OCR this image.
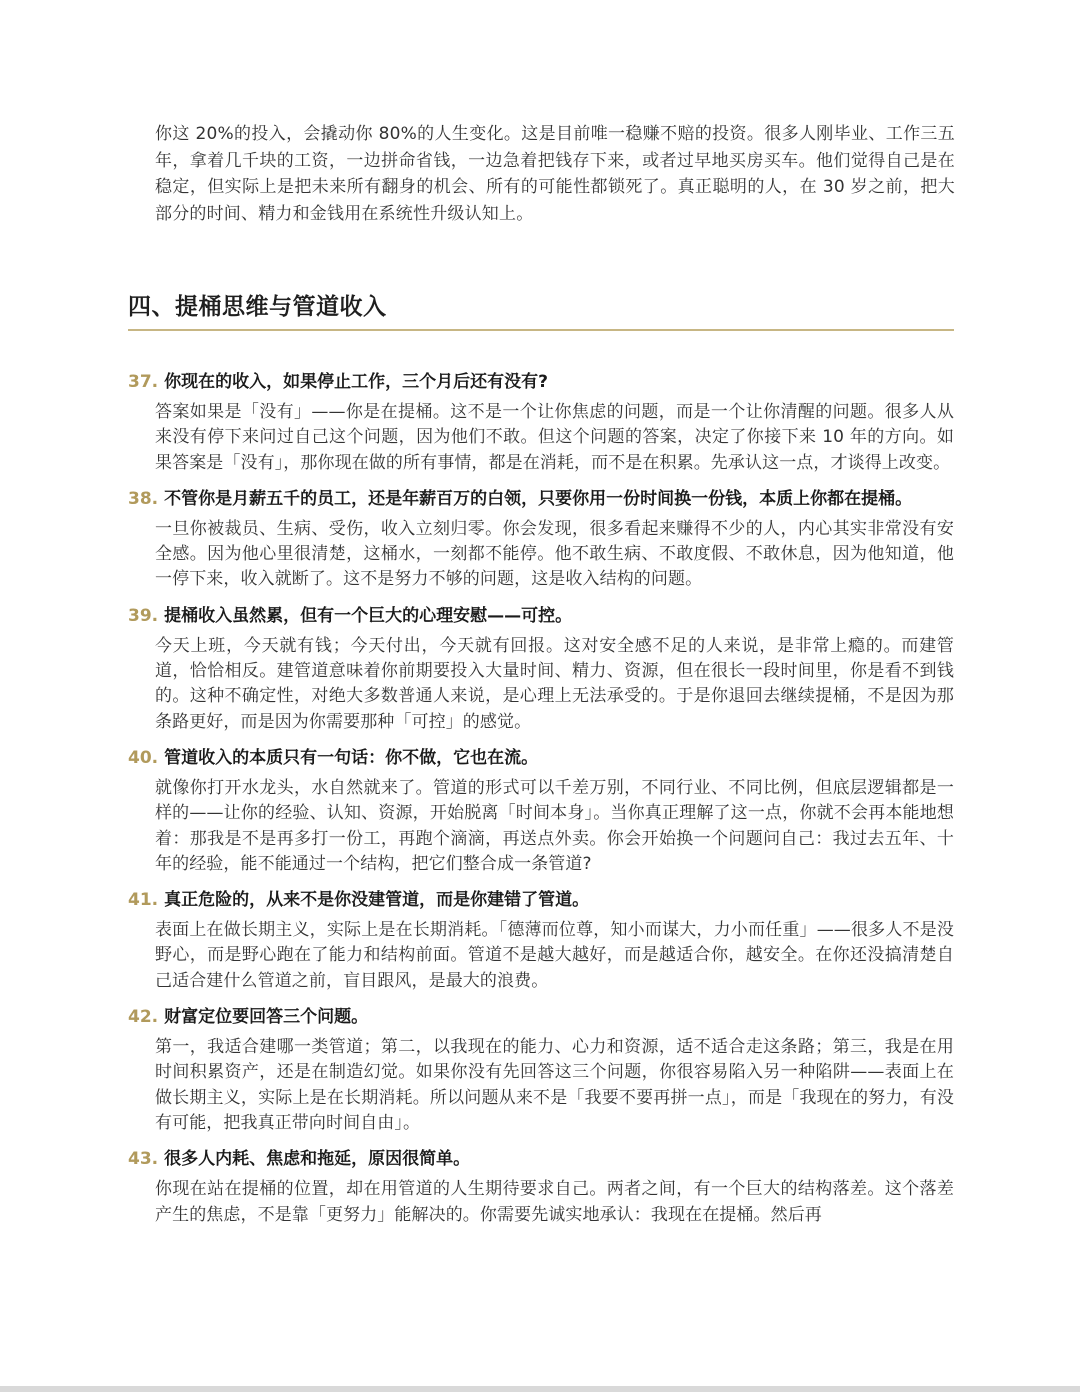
你这 20%的投入，会撬动你 80%的人生变化。这是目前唯一稳赚不赔的投资。很多人刚毕业、工作三五年，拿着几千块的工资，一边拼命省钱，一边急着把钱存下来，或者过早地买房买车。他们觉得自己是在稳定，但实际上是把未来所有翻身的机会、所有的可能性都锁死了。真正聪明的人，在 30 岁之前，把大部分的时间、精力和金钱用在系统性升级认知上。

四、提桶思维与管道收入
37. 你现在的收入，如果停止工作，三个月后还有没有?

答案如果是「没有」——你是在提桶。这不是一个让你焦虑的问题，而是一个让你清醒的问题。很多人从来没有停下来问过自己这个问题，因为他们不敢。但这个问题的答案，决定了你接下来 10 年的方向。如果答案是「没有」，那你现在做的所有事情，都是在消耗，而不是在积累。先承认这一点，才谈得上改变。

38. 不管你是月薪五千的员工，还是年薪百万的白领，只要你用一份时间换一份钱，本质上你都在提桶。

一旦你被裁员、生病、受伤，收入立刻归零。你会发现，很多看起来赚得不少的人，内心其实非常没有安全感。因为他心里很清楚，这桶水，一刻都不能停。他不敢生病、不敢度假、不敢休息，因为他知道，他一停下来，收入就断了。这不是努力不够的问题，这是收入结构的问题。

39. 提桶收入虽然累，但有一个巨大的心理安慰——可控。

今天上班，今天就有钱；今天付出，今天就有回报。这对安全感不足的人来说，是非常上瘾的。而建管道，恰恰相反。建管道意味着你前期要投入大量时间、精力、资源，但在很长一段时间里，你是看不到钱的。这种不确定性，对绝大多数普通人来说，是心理上无法承受的。于是你退回去继续提桶，不是因为那条路更好，而是因为你需要那种「可控」的感觉。

40. 管道收入的本质只有一句话：你不做，它也在流。

就像你打开水龙头，水自然就来了。管道的形式可以千差万别，不同行业、不同比例，但底层逻辑都是一样的——让你的经验、认知、资源，开始脱离「时间本身」。当你真正理解了这一点，你就不会再本能地想着：那我是不是再多打一份工，再跑个滴滴，再送点外卖。你会开始换一个问题问自己：我过去五年、十年的经验，能不能通过一个结构，把它们整合成一条管道?

41. 真正危险的，从来不是你没建管道，而是你建错了管道。

表面上在做长期主义，实际上是在长期消耗。「德薄而位尊，知小而谋大，力小而任重」——很多人不是没野心，而是野心跑在了能力和结构前面。管道不是越大越好，而是越适合你，越安全。在你还没搞清楚自己适合建什么管道之前，盲目跟风，是最大的浪费。

42. 财富定位要回答三个问题。

第一，我适合建哪一类管道；第二，以我现在的能力、心力和资源，适不适合走这条路；第三，我是在用时间积累资产，还是在制造幻觉。如果你没有先回答这三个问题，你很容易陷入另一种陷阱——表面上在做长期主义，实际上是在长期消耗。所以问题从来不是「我要不要再拼一点」，而是「我现在的努力，有没有可能，把我真正带向时间自由」。

43. 很多人内耗、焦虑和拖延，原因很简单。

你现在站在提桶的位置，却在用管道的人生期待要求自己。两者之间，有一个巨大的结构落差。这个落差产生的焦虑，不是靠「更努力」能解决的。你需要先诚实地承认：我现在在提桶。然后再
